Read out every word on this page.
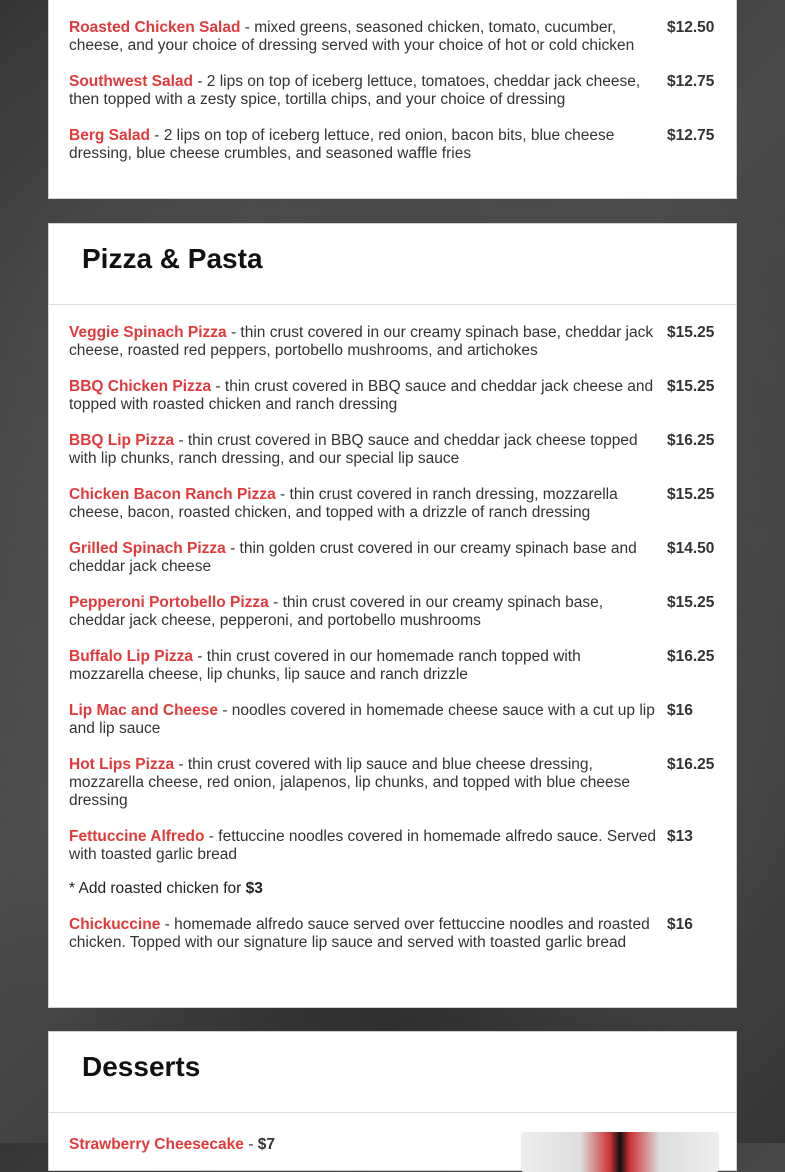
Roasted Chicken Salad - mixed greens, seasoned chicken, tomato, cucumber, cheese, and your choice of dressing served with your choice of hot or cold chicken
$12.50
Southwest Salad - 2 lips on top of iceberg lettuce, tomatoes, cheddar jack cheese, then topped with a zesty spice, tortilla chips, and your choice of dressing
$12.75
Berg Salad - 2 lips on top of iceberg lettuce, red onion, bacon bits, blue cheese dressing, blue cheese crumbles, and seasoned waffle fries
$12.75
Pizza & Pasta
Veggie Spinach Pizza - thin crust covered in our creamy spinach base, cheddar jack cheese, roasted red peppers, portobello mushrooms, and artichokes
$15.25
BBQ Chicken Pizza - thin crust covered in BBQ sauce and cheddar jack cheese and topped with roasted chicken and ranch dressing
$15.25
BBQ Lip Pizza - thin crust covered in BBQ sauce and cheddar jack cheese topped with lip chunks, ranch dressing, and our special lip sauce
$16.25
Chicken Bacon Ranch Pizza - thin crust covered in ranch dressing, mozzarella cheese, bacon, roasted chicken, and topped with a drizzle of ranch dressing
$15.25
Grilled Spinach Pizza - thin golden crust covered in our creamy spinach base and cheddar jack cheese
$14.50
Pepperoni Portobello Pizza - thin crust covered in our creamy spinach base, cheddar jack cheese, pepperoni, and portobello mushrooms
$15.25
Buffalo Lip Pizza - thin crust covered in our homemade ranch topped with mozzarella cheese, lip chunks, lip sauce and ranch drizzle
$16.25
Lip Mac and Cheese - noodles covered in homemade cheese sauce with a cut up lip and lip sauce
$16
Hot Lips Pizza - thin crust covered with lip sauce and blue cheese dressing, mozzarella cheese, red onion, jalapenos, lip chunks, and topped with blue cheese dressing
$16.25
Fettuccine Alfredo - fettuccine noodles covered in homemade alfredo sauce. Served with toasted garlic bread
$13
* Add roasted chicken for $3
Chickuccine - homemade alfredo sauce served over fettuccine noodles and roasted chicken. Topped with our signature lip sauce and served with toasted garlic bread
$16
Desserts
Strawberry Cheesecake - $7
